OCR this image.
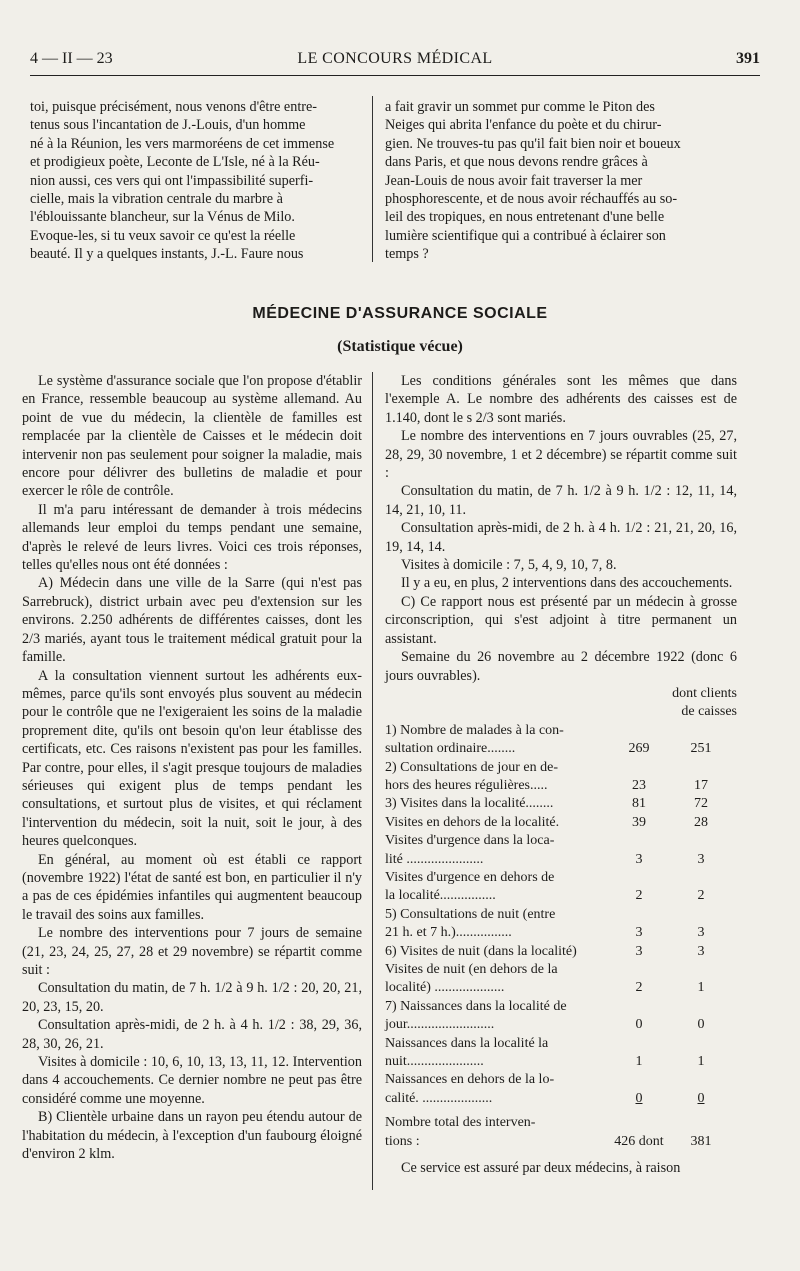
4 — II — 23	LE CONCOURS MÉDICAL	391
toi, puisque précisément, nous venons d'être entre-
tenus sous l'incantation de J.-Louis, d'un homme
né à la Réunion, les vers marmoréens de cet immense
et prodigieux poète, Leconte de L'Isle, né à la Réu-
nion aussi, ces vers qui ont l'impassibilité superfi-
cielle, mais la vibration centrale du marbre à
l'éblouissante blancheur, sur la Vénus de Milo.
Evoque-les, si tu veux savoir ce qu'est la réelle
beauté. Il y a quelques instants, J.-L. Faure nous
a fait gravir un sommet pur comme le Piton des
Neiges qui abrita l'enfance du poète et du chirur-
gien. Ne trouves-tu pas qu'il fait bien noir et boueux
dans Paris, et que nous devons rendre grâces à
Jean-Louis de nous avoir fait traverser la mer
phosphorescente, et de nous avoir réchauffés au so-
leil des tropiques, en nous entretenant d'une belle
lumière scientifique qui a contribué à éclairer son
temps ?
MÉDECINE D'ASSURANCE SOCIALE
(Statistique vécue)

Le système d'assurance sociale que l'on propose d'établir en France, ressemble beaucoup au système allemand. Au point de vue du médecin, la clientèle de familles est remplacée par la clientèle de Caisses et le médecin doit intervenir non pas seulement pour soigner la maladie, mais encore pour délivrer des bulletins de maladie et pour exercer le rôle de contrôle.

Il m'a paru intéressant de demander à trois médecins allemands leur emploi du temps pendant une semaine, d'après le relevé de leurs livres. Voici ces trois réponses, telles qu'elles nous ont été données :

A) Médecin dans une ville de la Sarre (qui n'est pas Sarrebruck), district urbain avec peu d'extension sur les environs. 2.250 adhérents de différentes caisses, dont les 2/3 mariés, ayant tous le traitement médical gratuit pour la famille.

A la consultation viennent surtout les adhérents eux-mêmes, parce qu'ils sont envoyés plus souvent au médecin pour le contrôle que ne l'exigeraient les soins de la maladie proprement dite, qu'ils ont besoin qu'on leur établisse des certificats, etc. Ces raisons n'existent pas pour les familles. Par contre, pour elles, il s'agit presque toujours de maladies sérieuses qui exigent plus de temps pendant les consultations, et surtout plus de visites, et qui réclament l'intervention du médecin, soit la nuit, soit le jour, à des heures quelconques.

En général, au moment où est établi ce rapport (novembre 1922) l'état de santé est bon, en particulier il n'y a pas de ces épidémies infantiles qui augmentent beaucoup le travail des soins aux familles.

Le nombre des interventions pour 7 jours de semaine (21, 23, 24, 25, 27, 28 et 29 novembre) se répartit comme suit :

Consultation du matin, de 7 h. 1/2 à 9 h. 1/2 : 20, 20, 21, 20, 23, 15, 20.

Consultation après-midi, de 2 h. à 4 h. 1/2 : 38, 29, 36, 28, 30, 26, 21.

Visites à domicile : 10, 6, 10, 13, 13, 11, 12. Intervention dans 4 accouchements. Ce dernier nombre ne peut pas être considéré comme une moyenne.

B) Clientèle urbaine dans un rayon peu étendu autour de l'habitation du médecin, à l'exception d'un faubourg éloigné d'environ 2 klm.

Les conditions générales sont les mêmes que dans l'exemple A. Le nombre des adhérents des caisses est de 1.140, dont le s 2/3 sont mariés.

Le nombre des interventions en 7 jours ouvrables (25, 27, 28, 29, 30 novembre, 1 et 2 décembre) se répartit comme suit :

Consultation du matin, de 7 h. 1/2 à 9 h. 1/2 : 12, 11, 14, 14, 21, 10, 11.

Consultation après-midi, de 2 h. à 4 h. 1/2 : 21, 21, 20, 16, 19, 14, 14.

Visites à domicile : 7, 5, 4, 9, 10, 7, 8.

Il y a eu, en plus, 2 interventions dans des accouchements.

C) Ce rapport nous est présenté par un médecin à grosse circonscription, qui s'est adjoint à titre permanent un assistant.

Semaine du 26 novembre au 2 décembre 1922 (donc 6 jours ouvrables).

dont clients
de caisses		
1) Nombre de malades à la con-		
sultation ordinaire........	269	251
2) Consultations de jour en de-		
hors des heures régulières.....	23	17
3) Visites dans la localité........	81	72
Visites en dehors de la localité.	39	28
Visites d'urgence dans la loca-		
lité ......................	3	3
Visites d'urgence en dehors de		
la localité................	2	2
5) Consultations de nuit (entre		
21 h. et 7 h.)................	3	3
6) Visites de nuit (dans la localité)	3	3
Visites de nuit (en dehors de la		
localité) ....................	2	1
7) Naissances dans la localité de		
jour.........................	0	0
Naissances dans la localité la		
nuit......................	1	1
Naissances en dehors de la lo-		
calité. ....................	0	0
Nombre total des interven-		
tions :	426 dont	381

Ce service est assuré par deux médecins, à raison
